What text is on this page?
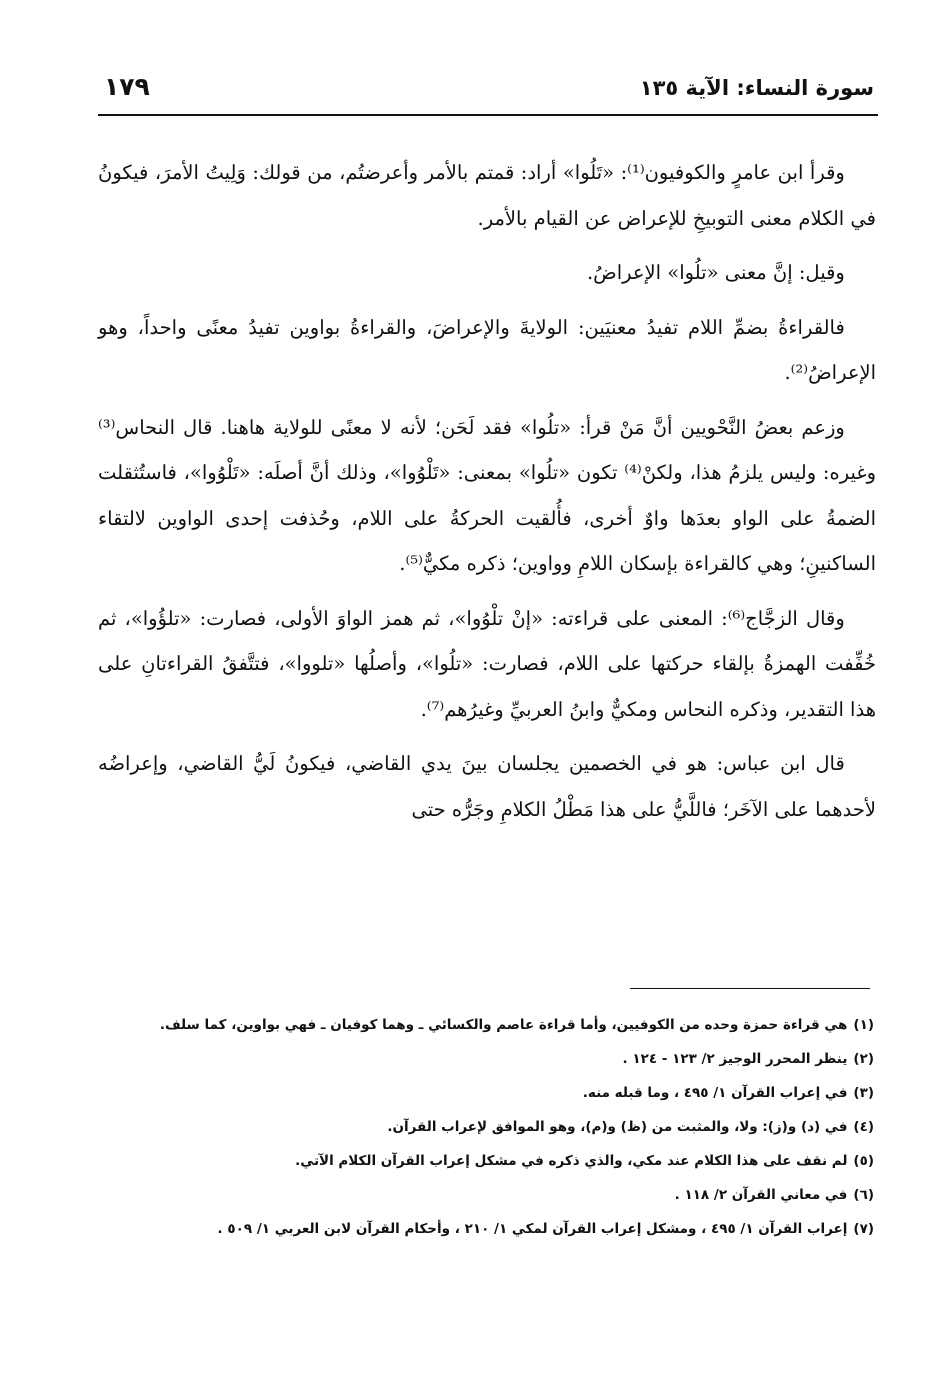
سورة النساء: الآية ١٣٥
١٧٩

وقرأ ابن عامرٍ والكوفيون⁽¹⁾: «تَلُوا» أراد: قمتم بالأمر وأعرضتُم، من قولك: وَلِيتُ الأمرَ، فيكونُ في الكلام معنى التوبيخِ للإعراض عن القيام بالأمر.

وقيل: إنَّ معنى «تلُوا» الإعراضُ.

فالقراءةُ بضمِّ اللام تفيدُ معنيَين: الولايةَ والإعراضَ، والقراءةُ بواوين تفيدُ معنًى واحداً، وهو الإعراضُ⁽²⁾.

وزعم بعضُ النَّحْويين أنَّ مَنْ قرأ: «تلُوا» فقد لَحَن؛ لأنه لا معنًى للولاية هاهنا. قال النحاس⁽³⁾ وغيره: وليس يلزمُ هذا، ولكنْ⁽⁴⁾ تكون «تلُوا» بمعنى: «تَلْوُوا»، وذلك أنَّ أصلَه: «تَلْوُوا»، فاستُثقلت الضمةُ على الواو بعدَها واوٌ أخرى، فأُلقيت الحركةُ على اللام، وحُذفت إحدى الواوين لالتقاء الساكنينِ؛ وهي كالقراءة بإسكان اللامِ وواوين؛ ذكره مكيٌّ⁽⁵⁾.

وقال الزجَّاج⁽⁶⁾: المعنى على قراءته: «إنْ تلْوُوا»، ثم همز الواوَ الأولى، فصارت: «تلؤُوا»، ثم خُفِّفت الهمزةُ بإلقاء حركتها على اللام، فصارت: «تلُوا»، وأصلُها «تلووا»، فتتَّفقُ القراءتانِ على هذا التقدير، وذكره النحاس ومكيٌّ وابنُ العربيِّ وغيرُهم⁽⁷⁾.

قال ابن عباس: هو في الخصمين يجلسان بينَ يدي القاضي، فيكونُ لَيُّ القاضي، وإعراضُه لأحدهما على الآخَر؛ فاللَّيُّ على هذا مَطْلُ الكلامِ وجَرُّه حتى

(١)هي قراءة حمزة وحده من الكوفيين، وأما قراءة عاصم والكسائي ـ وهما كوفيان ـ فهي بواوين، كما سلف.
(٢)ينظر المحرر الوجيز ٢/ ١٢٣ - ١٢٤ .
(٣)في إعراب القرآن ١/ ٤٩٥ ، وما قبله منه.
(٤)في (د) و(ز): ولا، والمثبت من (ظ) و(م)، وهو الموافق لإعراب القرآن.
(٥)لم نقف على هذا الكلام عند مكي، والذي ذكره في مشكل إعراب القرآن الكلام الآتي.
(٦)في معاني القرآن ٢/ ١١٨ .
(٧)إعراب القرآن ١/ ٤٩٥ ، ومشكل إعراب القرآن لمكي ١/ ٢١٠ ، وأحكام القرآن لابن العربي ١/ ٥٠٩ .
